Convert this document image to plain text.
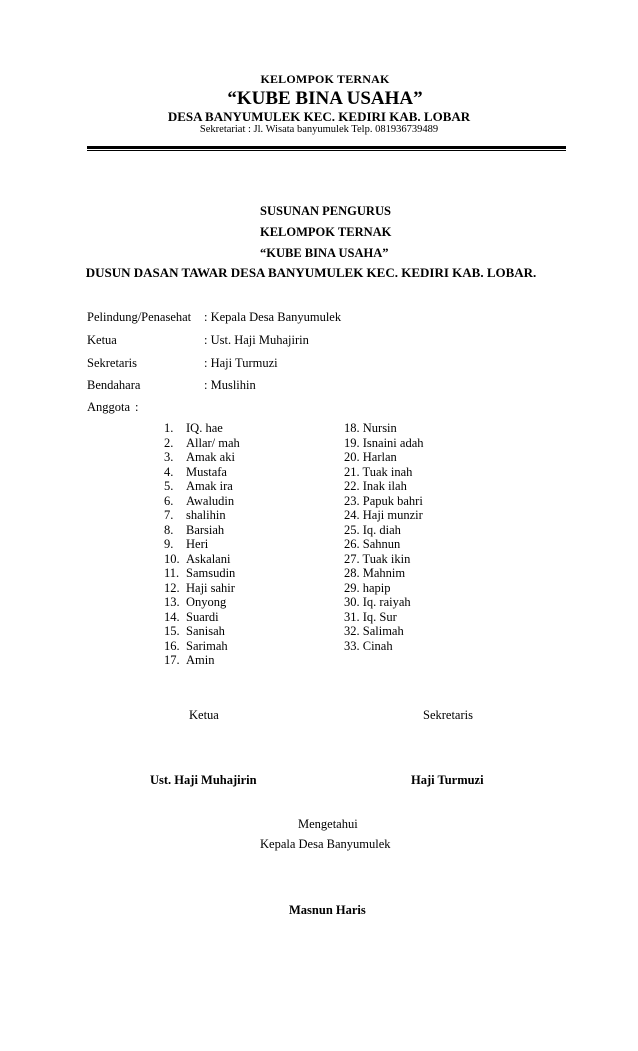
KELOMPOK TERNAK
“KUBE BINA USAHA”
DESA BANYUMULEK KEC. KEDIRI KAB. LOBAR
Sekretariat : Jl. Wisata banyumulek Telp. 081936739489
SUSUNAN PENGURUS
KELOMPOK TERNAK
“KUBE BINA USAHA”
DUSUN DASAN TAWAR DESA BANYUMULEK KEC. KEDIRI KAB. LOBAR.
Pelindung/Penasehat : Kepala Desa Banyumulek
Ketua	: Ust. Haji Muhajirin
Sekretaris	: Haji Turmuzi
Bendahara	: Muslihin
Anggota :
1. IQ. hae
2. Allar/ mah
3. Amak aki
4. Mustafa
5. Amak ira
6. Awaludin
7. shalihin
8. Barsiah
9. Heri
10. Askalani
11. Samsudin
12. Haji sahir
13. Onyong
14. Suardi
15. Sanisah
16. Sarimah
17. Amin
18. Nursin
19. Isnaini adah
20. Harlan
21. Tuak inah
22. Inak ilah
23. Papuk bahri
24. Haji munzir
25. Iq. diah
26. Sahnun
27. Tuak ikin
28. Mahnim
29. hapip
30. Iq. raiyah
31. Iq. Sur
32. Salimah
33. Cinah
Ketua	Sekretaris
Ust. Haji Muhajirin	Haji Turmuzi
Mengetahui
Kepala Desa Banyumulek
Masnun Haris
